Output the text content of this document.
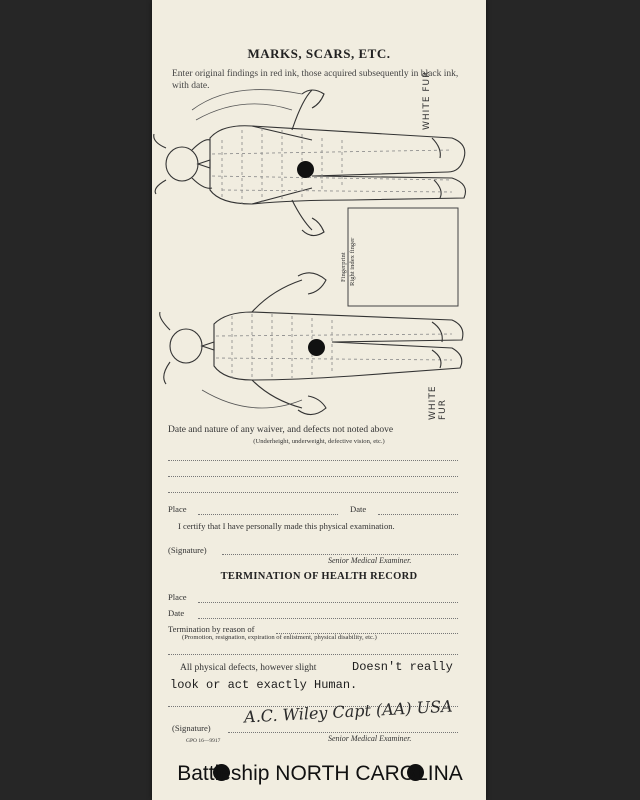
MARKS, SCARS, ETC.
Enter original findings in red ink, those acquired subsequently in black ink, with date.
Fingerprint Right index finger
WHITE FUR
WHITE FUR
Date and nature of any waiver, and defects not noted above
(Underheight, underweight, defective vision, etc.)
Place	Date
I certify that I have personally made this physical examination.
(Signature)
Senior Medical Examiner.
TERMINATION OF HEALTH RECORD
Place
Date
Termination by reason of
(Promotion, resignation, expiration of enlistment, physical disability, etc.)
All physical defects, however slight	Doesn't really
look or act exactly Human.
(Signature)
A.C. Wiley Capt (AA) USA
Senior Medical Examiner.
GPO 16—9917
Battleship NORTH CAROLINA
